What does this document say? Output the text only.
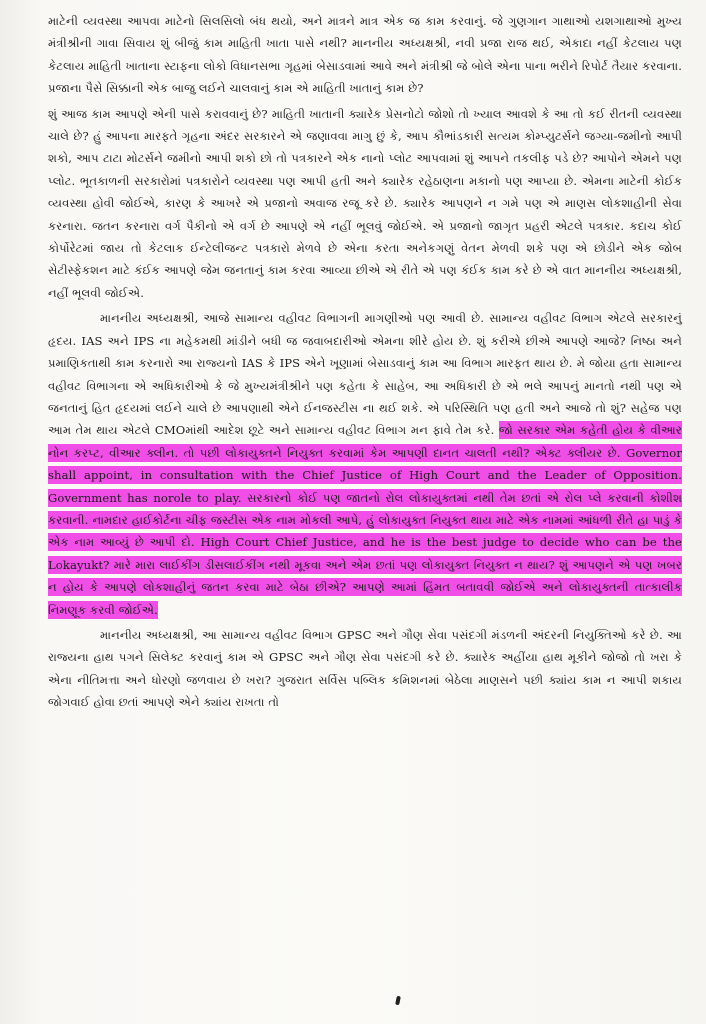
માટેની વ્યવસ્થા આપવા માટેનો સિલસિલો બંધ થયો, અને માત્રને માત્ર એક જ કામ કરવાનું. જે ગુણગાન ગાથાઓ યશગાથાઓ મુખ્ય મંત્રીશ્રીની ગાવા સિવાય શું બીજું કામ માહિતી ખાતા પાસે નથી? માનનીય અધ્યક્ષશ્રી, નવી પ્રજા રાજ થઈ, એકાદા નહીં કેટલાય પણ કેટલાય માહિતી ખાતાના સ્ટાફના લોકો વિધાનસભા ગૃહમાં બેસાડવામાં આવે અને મંત્રીશ્રી જે બોલે એના પાના ભરીને રિપોર્ટ તૈયાર કરવાના. પ્રજાના પૈસે સિક્કાની એક બાજુ લઈને ચાલવાનું કામ એ માહિતી ખાતાનું કામ છે?

શું આજ કામ આપણે એની પાસે કરાવવાનું છે? માહિતી ખાતાની ક્યારેક પ્રેસનોટો જોશો તો ખ્યાલ આવશે કે આ તો કઈ રીતની વ્યવસ્થા ચાલે છે? હું આપના મારફતે ગૃહના અંદર સરકારને એ જણાવવા માગુ છું કે, આપ કૌભાંડકારી સત્યમ કોમ્પ્યુટર્સને જગ્યા-જમીનો આપી શકો, આપ ટાટા મોટર્સને જમીનો આપી શકો છો તો પત્રકારને એક નાનો પ્લોટ આપવામાં શું આપને તકલીફ પડે છે? આપોને એમને પણ પ્લોટ. ભૂતકાળની સરકારોમાં પત્રકારોને વ્યવસ્થા પણ આપી હતી અને ક્યારેક રહેઠાણના મકાનો પણ આપ્યા છે. એમના માટેની કોઈક વ્યવસ્થા હોવી જોઈએ, કારણ કે આખરે એ પ્રજાનો અવાજ રજૂ કરે છે. ક્યારેક આપણને ન ગમે પણ એ માણસ લોકશાહીની સેવા કરનારા. જતન કરનારા વર્ગ પૈકીનો એ વર્ગ છે આપણે એ નહીં ભૂલવું જોઈએ. એ પ્રજાનો જાગૃત પ્રહરી એટલે પત્રકાર. કદાચ કોઈ કોર્પોરેટમાં જાય તો કેટલાક ઈન્ટેલીજન્ટ પત્રકારો મેળવે છે એના કરતા અનેકગણું વેતન મેળવી શકે પણ એ છોડીને એક જોબ સેટીસ્ફેકશન માટે કંઈક આપણે જેમ જનતાનું કામ કરવા આવ્યા છીએ એ રીતે એ પણ કંઈક કામ કરે છે એ વાત માનનીય અધ્યક્ષશ્રી, નહીં ભૂલવી જોઈએ.

માનનીય અધ્યક્ષશ્રી, આજે સામાન્ય વહીવટ વિભાગની માગણીઓ પણ આવી છે. સામાન્ય વહીવટ વિભાગ એટલે સરકારનું હૃદય. IAS અને IPS ના મહેકમથી માંડીને બધી જ જવાબદારીઓ એમના શીરે હોય છે. શું કરીએ છીએ આપણે આજે? નિષ્ઠા અને પ્રમાણિકતાથી કામ કરનારો આ રાજ્યનો IAS કે IPS એને ખૂણામાં બેસાડવાનું કામ આ વિભાગ મારફત થાય છે. મે જોયા હતા સામાન્ય વહીવટ વિભાગના એ અધિકારીઓ કે જે મુખ્યમંત્રીશ્રીને પણ કહેતા કે સાહેબ, આ અધિકારી છે એ ભલે આપનું માનતો નથી પણ એ જનતાનું હિત હૃદયમાં લઈને ચાલે છે આપણાથી એને ઈનજસ્ટીસ ના થઈ શકે. એ પરિસ્થિતિ પણ હતી અને આજે તો શું? સહેજ પણ આમ તેમ થાય એટલે CMOમાંથી આદેશ છૂટે અને સામાન્ય વહીવટ વિભાગ મન ફાવે તેમ કરે. જો સરકાર એમ કહેતી હોય કે વીઆર નોન કરપ્ટ, વીઆર ક્લીન. તો પછી લોકાયુક્તને નિયુક્ત કરવામાં કેમ આપણી દાનત ચાલતી નથી? એક્ટ ક્લીયર છે. Governor shall appoint, in consultation with the Chief Justice of High Court and the Leader of Opposition. Government has norole to play. સરકારનો કોઈ પણ જાતનો રોલ લોકાયુક્તમાં નથી તેમ છતાં એ રોલ પ્લે કરવાની કોશીશ કરવાની. નામદાર હાઈકોર્ટના ચીફ જસ્ટીસ એક નામ મોકલી આપે, હું લોકાયુક્ત નિયુક્ત થાય માટે એક નામમાં આંધળી રીતે હા પાડું કે એક નામ આવ્યું છે આપી દો. High Court Chief Justice, and he is the best judge to decide who can be the Lokayukt? મારે મારા લાઈકીંગ ડીસલાઈકીંગ નથી મૂકવા અને એમ છતાં પણ લોકાયુક્ત નિયુક્ત ન થાય? શું આપણને એ પણ ખબર ન હોય કે આપણે લોકશાહીનું જતન કરવા માટે બેઠા છીએ? આપણે આમાં હિંમત બતાવવી જોઈએ અને લોકાયુક્તની તાત્કાલીક નિમણૂક કરવી જોઈએ.

માનનીય અધ્યક્ષશ્રી, આ સામાન્ય વહીવટ વિભાગ GPSC અને ગૌણ સેવા પસંદગી મંડળની અંદરની નિયુક્તિઓ કરે છે. આ રાજ્યના હાથ પગને સિલેક્ટ કરવાનું કામ એ GPSC અને ગૌણ સેવા પસંદગી કરે છે. ક્યારેક અહીંયા હાથ મૂકીને જોજો તો ખરા કે એના નીતિમત્તા અને ધોરણો જળવાય છે ખરા? ગુજરાત સર્વિસ પબ્લિક કમિશનમાં બેઠેલા માણસને પછી ક્યાંય કામ ન આપી શકાય જોગવાઈ હોવા છતાં આપણે એને ક્યાંય રાખતા તો
